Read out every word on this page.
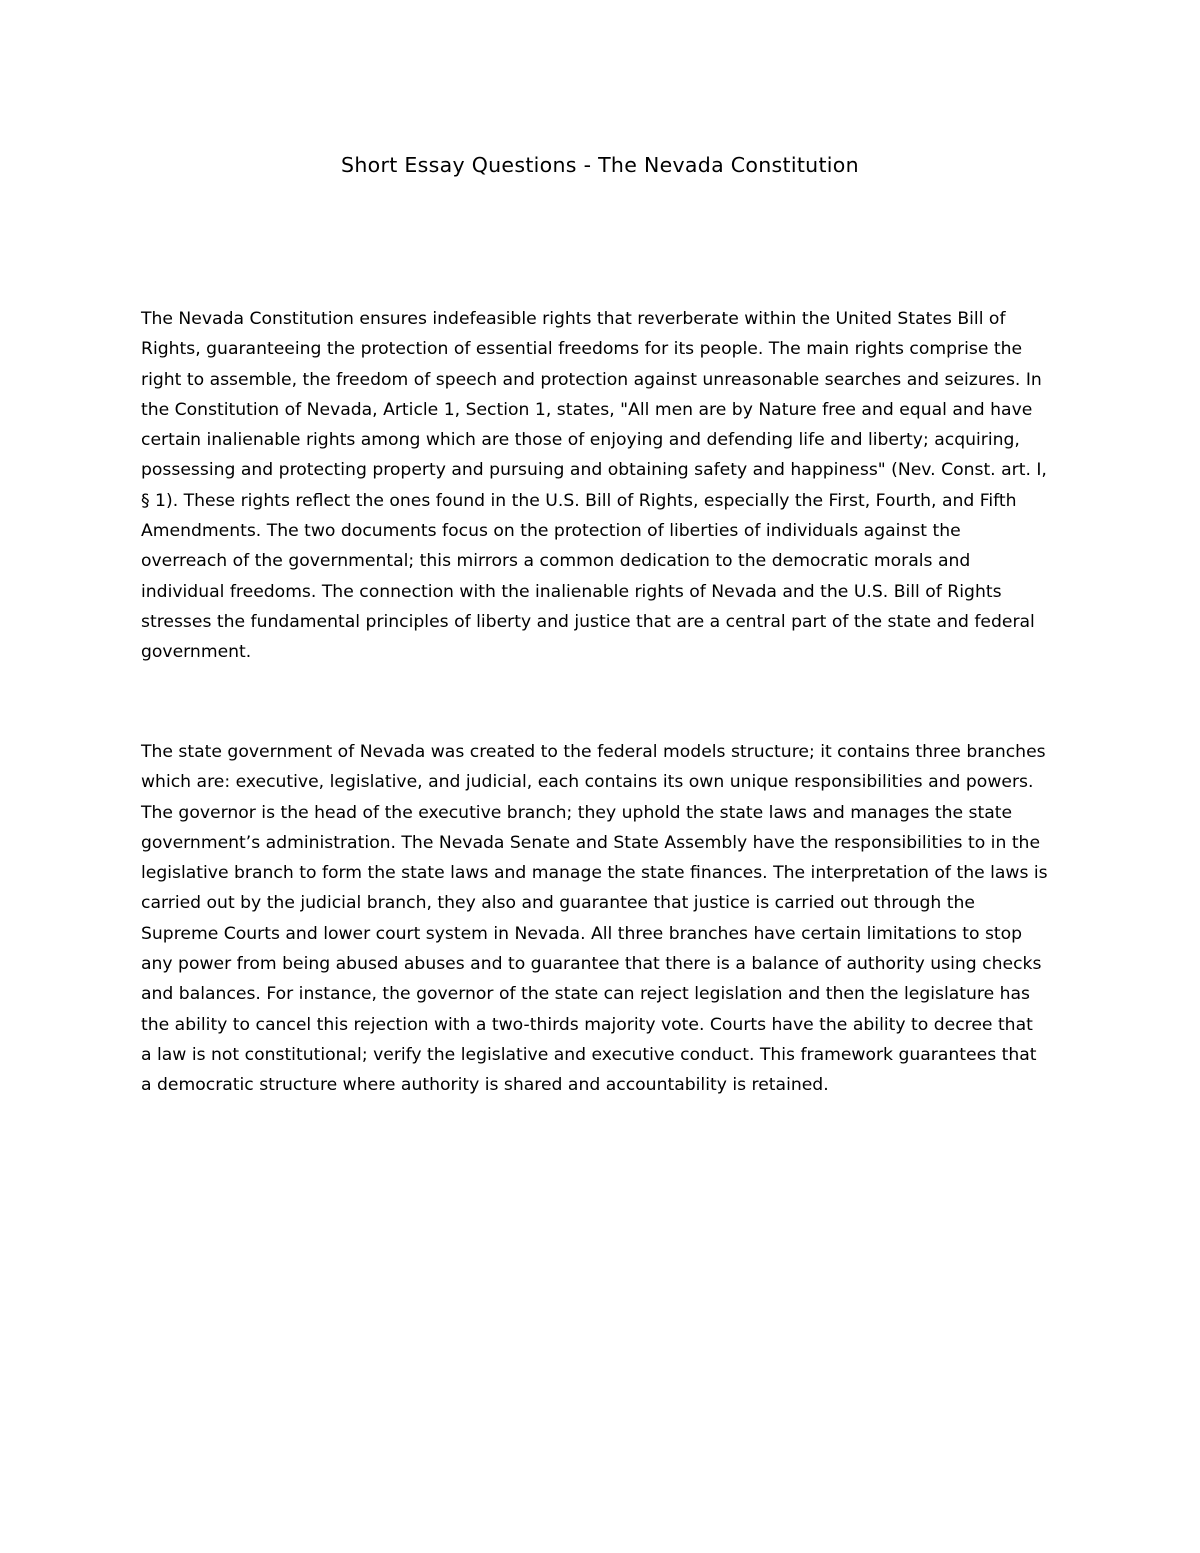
Short Essay Questions - The Nevada Constitution

The Nevada Constitution ensures indefeasible rights that reverberate within the United States Bill of
Rights, guaranteeing the protection of essential freedoms for its people. The main rights comprise the
right to assemble, the freedom of speech and protection against unreasonable searches and seizures. In
the Constitution of Nevada, Article 1, Section 1, states, "All men are by Nature free and equal and have
certain inalienable rights among which are those of enjoying and defending life and liberty; acquiring,
possessing and protecting property and pursuing and obtaining safety and happiness" (Nev. Const. art. I,
§ 1). These rights reflect the ones found in the U.S. Bill of Rights, especially the First, Fourth, and Fifth
Amendments. The two documents focus on the protection of liberties of individuals against the
overreach of the governmental; this mirrors a common dedication to the democratic morals and
individual freedoms. The connection with the inalienable rights of Nevada and the U.S. Bill of Rights
stresses the fundamental principles of liberty and justice that are a central part of the state and federal
government.

The state government of Nevada was created to the federal models structure; it contains three branches
which are: executive, legislative, and judicial, each contains its own unique responsibilities and powers.
The governor is the head of the executive branch; they uphold the state laws and manages the state
government’s administration. The Nevada Senate and State Assembly have the responsibilities to in the
legislative branch to form the state laws and manage the state finances. The interpretation of the laws is
carried out by the judicial branch, they also and guarantee that justice is carried out through the
Supreme Courts and lower court system in Nevada. All three branches have certain limitations to stop
any power from being abused abuses and to guarantee that there is a balance of authority using checks
and balances. For instance, the governor of the state can reject legislation and then the legislature has
the ability to cancel this rejection with a two-thirds majority vote. Courts have the ability to decree that
a law is not constitutional; verify the legislative and executive conduct. This framework guarantees that
a democratic structure where authority is shared and accountability is retained.
